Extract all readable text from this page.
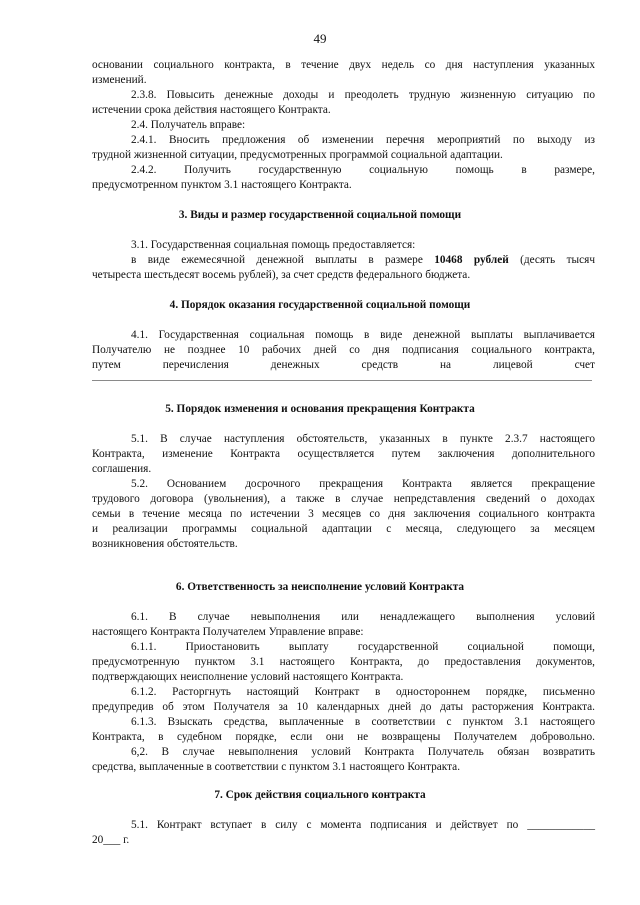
49
основании социального контракта, в течение двух недель со дня наступления указанных
изменений.
2.3.8. Повысить денежные доходы и преодолеть трудную жизненную ситуацию по
истечении срока действия настоящего Контракта.
2.4. Получатель вправе:
2.4.1. Вносить предложения об изменении перечня мероприятий по выходу из
трудной жизненной ситуации, предусмотренных программой социальной адаптации.
2.4.2. Получить государственную социальную помощь в размере,
предусмотренном пунктом 3.1 настоящего Контракта.
3. Виды и размер государственной социальной помощи
3.1. Государственная социальная помощь предоставляется:
в виде ежемесячной денежной выплаты в размере 10468 рублей (десять тысяч
четыреста шестьдесят восемь рублей), за счет средств федерального бюджета.
4. Порядок оказания государственной социальной помощи
4.1. Государственная социальная помощь в виде денежной выплаты выплачивается
Получателю не позднее 10 рабочих дней со дня подписания социального контракта,
путем перечисления денежных средств на лицевой счет
5. Порядок изменения и основания прекращения Контракта
5.1. В случае наступления обстоятельств, указанных в пункте 2.3.7 настоящего
Контракта, изменение Контракта осуществляется путем заключения дополнительного
соглашения.
5.2. Основанием досрочного прекращения Контракта является прекращение
трудового договора (увольнения), а также в случае непредставления сведений о доходах
семьи в течение месяца по истечении 3 месяцев со дня заключения социального контракта
и реализации программы социальной адаптации с месяца, следующего за месяцем
возникновения обстоятельств.
6. Ответственность за неисполнение условий Контракта
6.1. В случае невыполнения или ненадлежащего выполнения условий
настоящего Контракта Получателем Управление вправе:
6.1.1. Приостановить выплату государственной социальной помощи,
предусмотренную пунктом 3.1 настоящего Контракта, до предоставления документов,
подтверждающих неисполнение условий настоящего Контракта.
6.1.2. Расторгнуть настоящий Контракт в одностороннем порядке, письменно
предупредив об этом Получателя за 10 календарных дней до даты расторжения Контракта.
6.1.3. Взыскать средства, выплаченные в соответствии с пунктом 3.1 настоящего
Контракта, в судебном порядке, если они не возвращены Получателем добровольно.
6,2. В случае невыполнения условий Контракта Получатель обязан возвратить
средства, выплаченные в соответствии с пунктом 3.1 настоящего Контракта.
7. Срок действия социального контракта
5.1. Контракт вступает в силу с момента подписания и действует по ____________
20___ г.
